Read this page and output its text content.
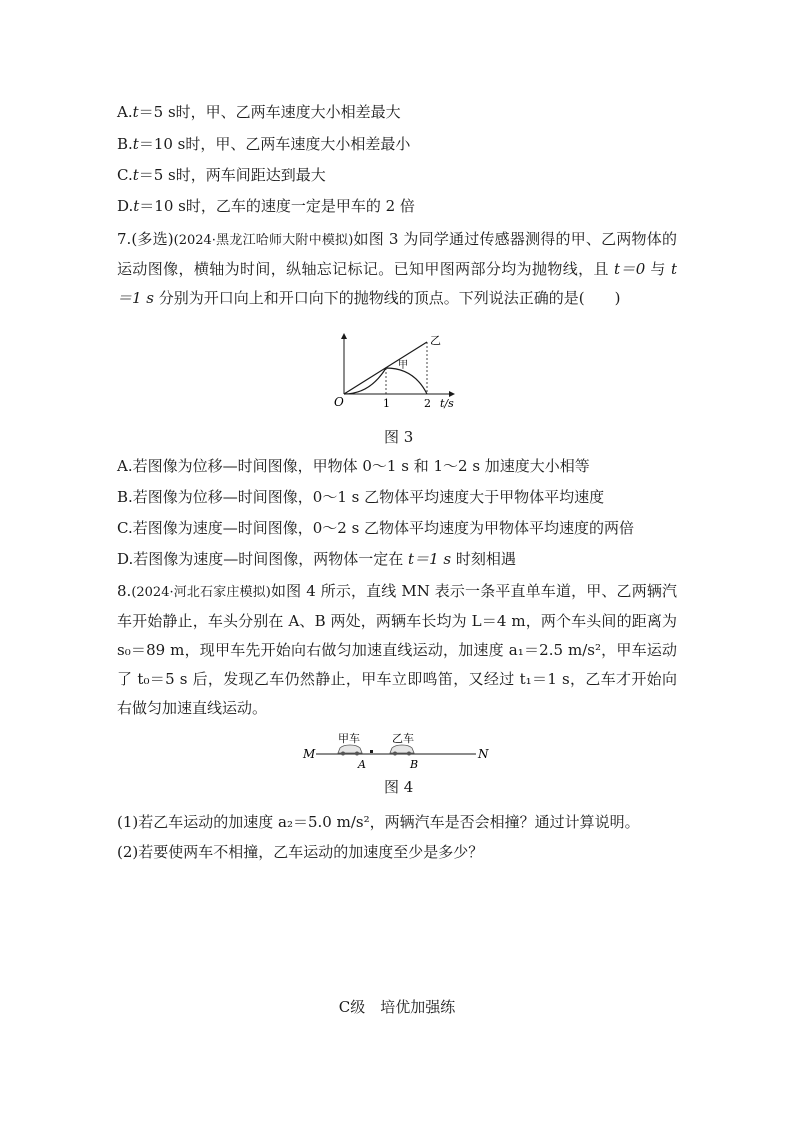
A.t＝5 s时，甲、乙两车速度大小相差最大
B.t＝10 s时，甲、乙两车速度大小相差最小
C.t＝5 s时，两车间距达到最大
D.t＝10 s时，乙车的速度一定是甲车的 2 倍
7.(多选)(2024·黑龙江哈师大附中模拟)如图 3 为同学通过传感器测得的甲、乙两物体的运动图像，横轴为时间，纵轴忘记标记。已知甲图两部分均为抛物线，且 t＝0 与 t＝1 s 分别为开口向上和开口向下的抛物线的顶点。下列说法正确的是(　　)
O	1	2 t/s
乙
甲
图 3
A.若图像为位移—时间图像，甲物体 0～1 s 和 1～2 s 加速度大小相等
B.若图像为位移—时间图像，0～1 s 乙物体平均速度大于甲物体平均速度
C.若图像为速度—时间图像，0～2 s 乙物体平均速度为甲物体平均速度的两倍
D.若图像为速度—时间图像，两物体一定在 t＝1 s 时刻相遇
8.(2024·河北石家庄模拟)如图 4 所示，直线 MN 表示一条平直单车道，甲、乙两辆汽车开始静止，车头分别在 A、B 两处，两辆车长均为 L＝4 m，两个车头间的距离为 s₀＝89 m，现甲车先开始向右做匀加速直线运动，加速度 a₁＝2.5 m/s²，甲车运动了 t₀＝5 s 后，发现乙车仍然静止，甲车立即鸣笛，又经过 t₁＝1 s，乙车才开始向右做匀加速直线运动。
M	N
甲车	乙车
A	B
图 4
(1)若乙车运动的加速度 a₂＝5.0 m/s²，两辆汽车是否会相撞？通过计算说明。
(2)若要使两车不相撞，乙车运动的加速度至少是多少？
C级　培优加强练
